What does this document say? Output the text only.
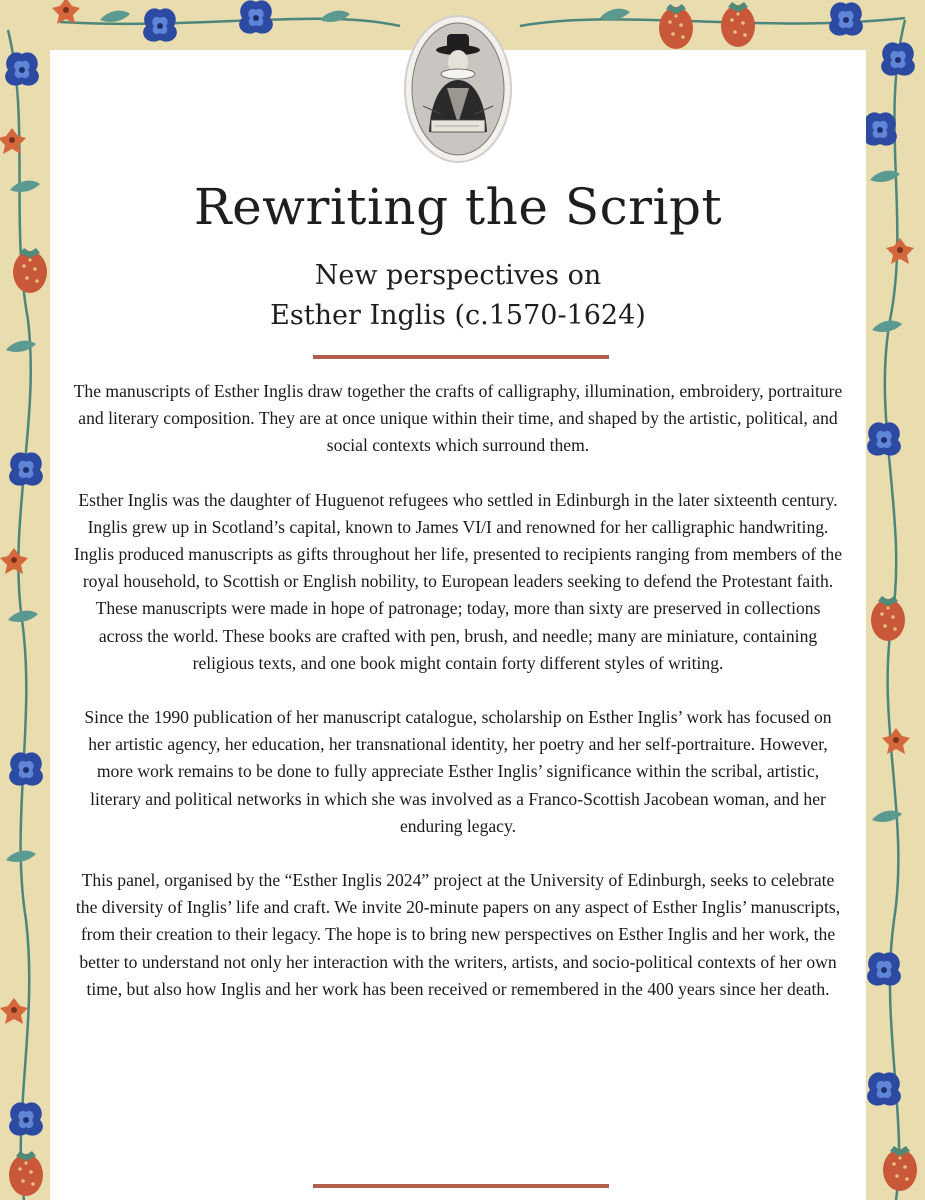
Rewriting the Script
New perspectives on
Esther Inglis (c.1570-1624)

The manuscripts of Esther Inglis draw together the crafts of calligraphy, illumination, embroidery, portraiture and literary composition. They are at once unique within their time, and shaped by the artistic, political, and social contexts which surround them.

Esther Inglis was the daughter of Huguenot refugees who settled in Edinburgh in the later sixteenth century. Inglis grew up in Scotland’s capital, known to James VI/I and renowned for her calligraphic handwriting. Inglis produced manuscripts as gifts throughout her life, presented to recipients ranging from members of the royal household, to Scottish or English nobility, to European leaders seeking to defend the Protestant faith. These manuscripts were made in hope of patronage; today, more than sixty are preserved in collections across the world. These books are crafted with pen, brush, and needle; many are miniature, containing religious texts, and one book might contain forty different styles of writing.

Since the 1990 publication of her manuscript catalogue, scholarship on Esther Inglis’ work has focused on her artistic agency, her education, her transnational identity, her poetry and her self-portraiture. However, more work remains to be done to fully appreciate Esther Inglis’ significance within the scribal, artistic, literary and political networks in which she was involved as a Franco-Scottish Jacobean woman, and her enduring legacy.

This panel, organised by the “Esther Inglis 2024” project at the University of Edinburgh, seeks to celebrate the diversity of Inglis’ life and craft. We invite 20-minute papers on any aspect of Esther Inglis’ manuscripts, from their creation to their legacy. The hope is to bring new perspectives on Esther Inglis and her work, the better to understand not only her interaction with the writers, artists, and socio-political contexts of her own time, but also how Inglis and her work has been received or remembered in the 400 years since her death.
